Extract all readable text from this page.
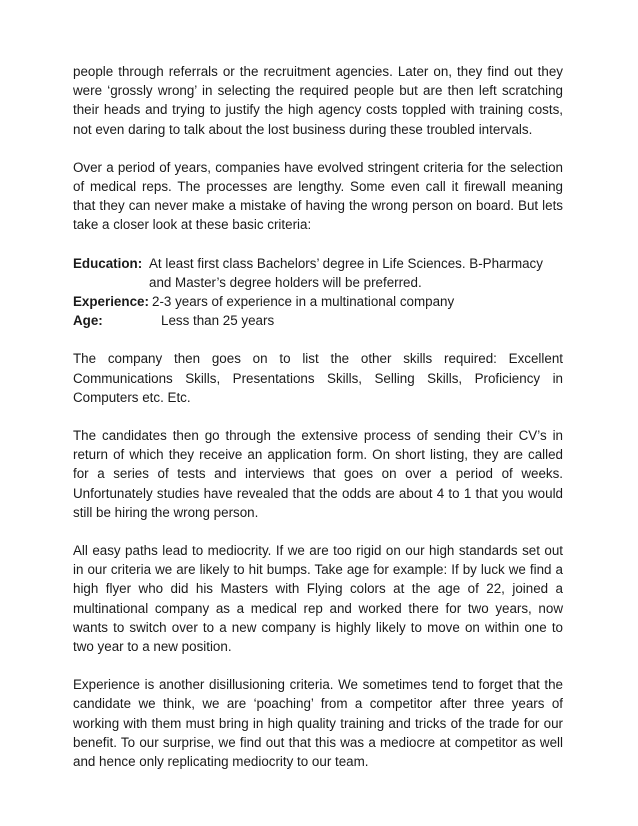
people through referrals or the recruitment agencies. Later on, they find out they were ‘grossly wrong’ in selecting the required people but are then left scratching their heads and trying to justify the high agency costs toppled with training costs, not even daring to talk about the lost business during these troubled intervals.

Over a period of years, companies have evolved stringent criteria for the selection of medical reps. The processes are lengthy. Some even call it firewall meaning that they can never make a mistake of having the wrong person on board. But lets take a closer look at these basic criteria:

Education: At least first class Bachelors’ degree in Life Sciences. B-Pharmacy
and Master’s degree holders will be preferred.
Experience: 2-3 years of experience in a multinational company
Age:	Less than 25 years

The company then goes on to list the other skills required: Excellent Communications Skills, Presentations Skills, Selling Skills, Proficiency in Computers etc. Etc.

The candidates then go through the extensive process of sending their CV’s in return of which they receive an application form. On short listing, they are called for a series of tests and interviews that goes on over a period of weeks. Unfortunately studies have revealed that the odds are about 4 to 1 that you would still be hiring the wrong person.

All easy paths lead to mediocrity. If we are too rigid on our high standards set out in our criteria we are likely to hit bumps. Take age for example: If by luck we find a high flyer who did his Masters with Flying colors at the age of 22, joined a multinational company as a medical rep and worked there for two years, now wants to switch over to a new company is highly likely to move on within one to two year to a new position.

Experience is another disillusioning criteria. We sometimes tend to forget that the candidate we think, we are ‘poaching’ from a competitor after three years of working with them must bring in high quality training and tricks of the trade for our benefit. To our surprise, we find out that this was a mediocre at competitor as well and hence only replicating mediocrity to our team.
